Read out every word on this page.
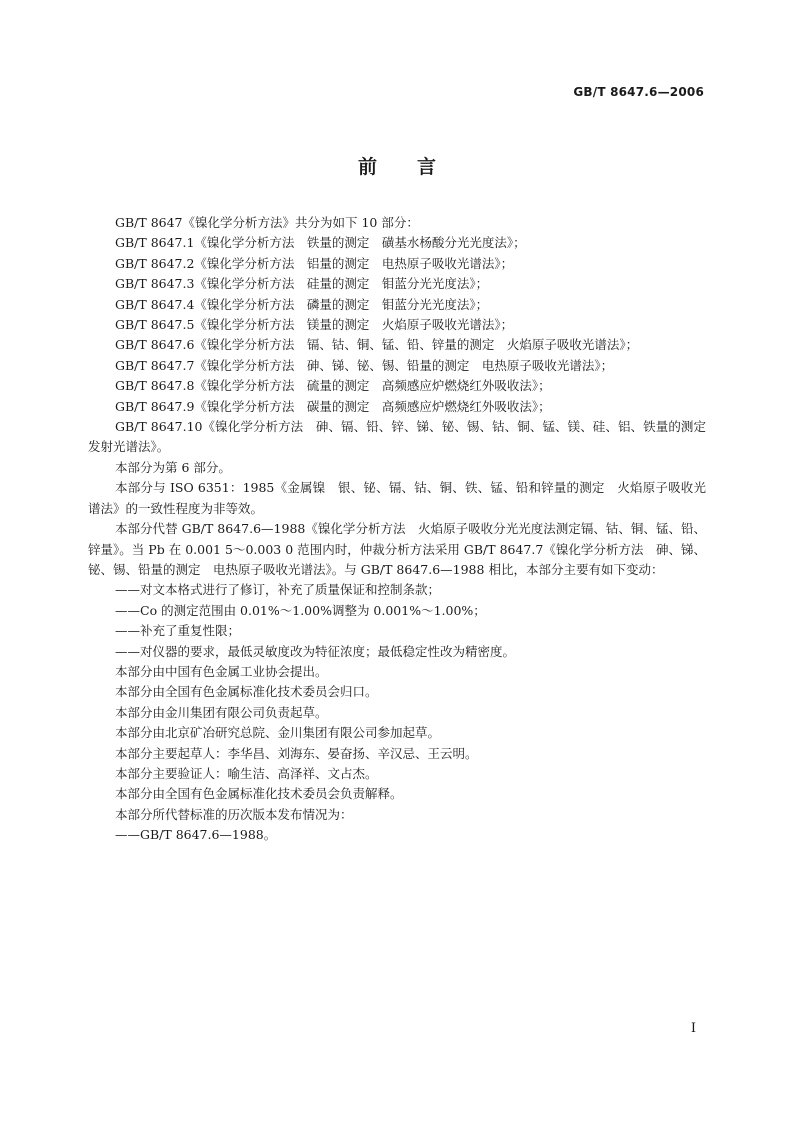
GB/T 8647.6—2006
前言

GB/T 8647《镍化学分析方法》共分为如下 10 部分：

GB/T 8647.1《镍化学分析方法　铁量的测定　磺基水杨酸分光光度法》；

GB/T 8647.2《镍化学分析方法　铝量的测定　电热原子吸收光谱法》；

GB/T 8647.3《镍化学分析方法　硅量的测定　钼蓝分光光度法》；

GB/T 8647.4《镍化学分析方法　磷量的测定　钼蓝分光光度法》；

GB/T 8647.5《镍化学分析方法　镁量的测定　火焰原子吸收光谱法》；

GB/T 8647.6《镍化学分析方法　镉、钴、铜、锰、铅、锌量的测定　火焰原子吸收光谱法》；

GB/T 8647.7《镍化学分析方法　砷、锑、铋、锡、铅量的测定　电热原子吸收光谱法》；

GB/T 8647.8《镍化学分析方法　硫量的测定　高频感应炉燃烧红外吸收法》；

GB/T 8647.9《镍化学分析方法　碳量的测定　高频感应炉燃烧红外吸收法》；

GB/T 8647.10《镍化学分析方法　砷、镉、铅、锌、锑、铋、锡、钴、铜、锰、镁、硅、铝、铁量的测定　发射光谱法》。

本部分为第 6 部分。

本部分与 ISO 6351：1985《金属镍　银、铋、镉、钴、铜、铁、锰、铅和锌量的测定　火焰原子吸收光谱法》的一致性程度为非等效。

本部分代替 GB/T 8647.6—1988《镍化学分析方法　火焰原子吸收分光光度法测定镉、钴、铜、锰、铅、锌量》。当 Pb 在 0.001 5～0.003 0 范围内时，仲裁分析方法采用 GB/T 8647.7《镍化学分析方法　砷、锑、铋、锡、铅量的测定　电热原子吸收光谱法》。与 GB/T 8647.6—1988 相比，本部分主要有如下变动：

——对文本格式进行了修订，补充了质量保证和控制条款；

——Co 的测定范围由 0.01%～1.00%调整为 0.001%～1.00%；

——补充了重复性限；

——对仪器的要求，最低灵敏度改为特征浓度；最低稳定性改为精密度。

本部分由中国有色金属工业协会提出。

本部分由全国有色金属标准化技术委员会归口。

本部分由金川集团有限公司负责起草。

本部分由北京矿冶研究总院、金川集团有限公司参加起草。

本部分主要起草人：李华昌、刘海东、晏奋扬、辛汉忌、王云明。

本部分主要验证人：喻生洁、高泽祥、文占杰。

本部分由全国有色金属标准化技术委员会负责解释。

本部分所代替标准的历次版本发布情况为：

——GB/T 8647.6—1988。

I
